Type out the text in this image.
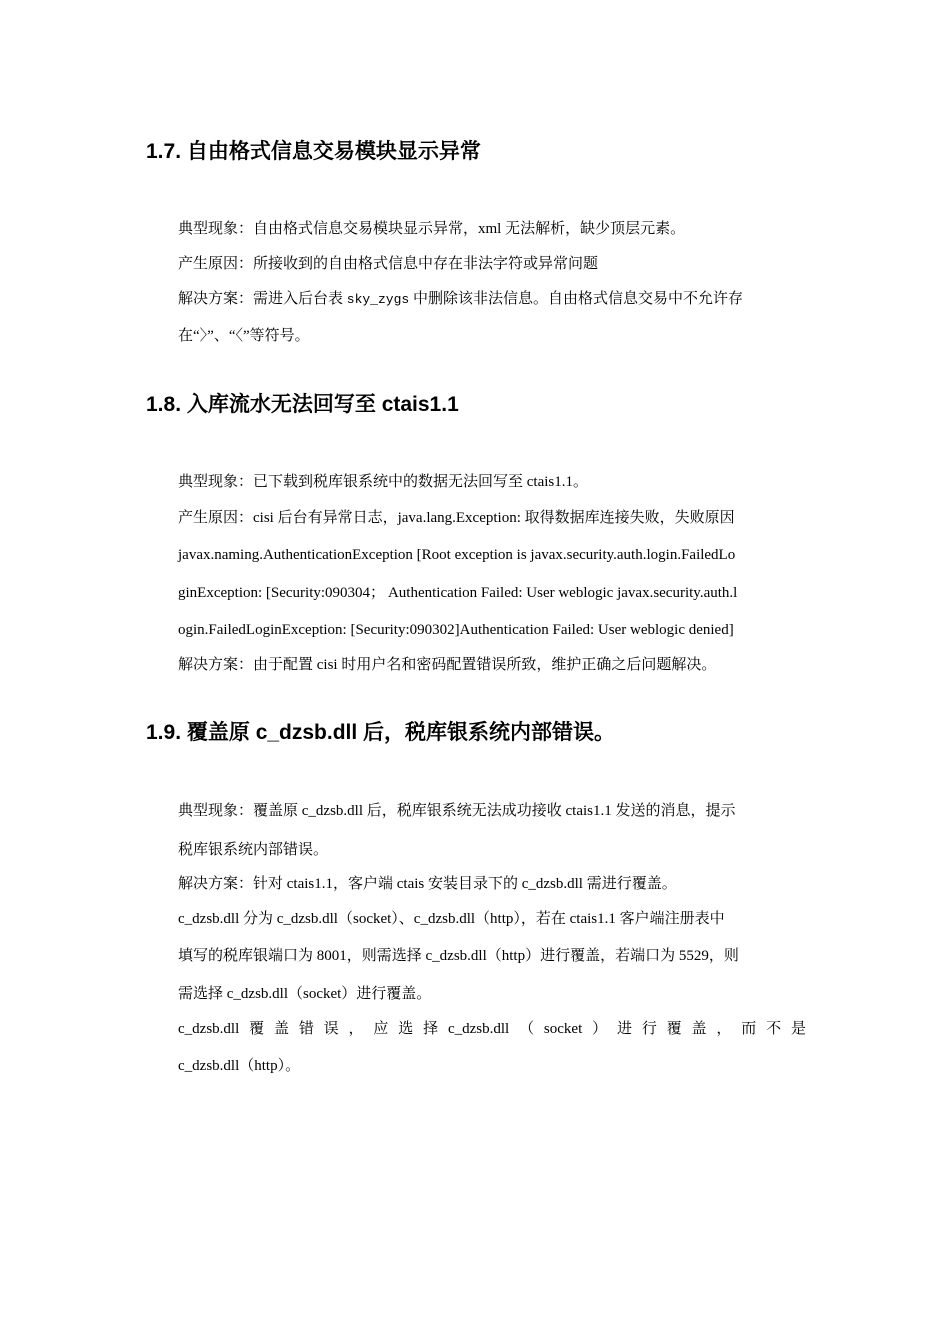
1.7. 自由格式信息交易模块显示异常

典型现象：自由格式信息交易模块显示异常，xml 无法解析，缺少顶层元素。

产生原因：所接收到的自由格式信息中存在非法字符或异常问题

解决方案：需进入后台表 sky_zygs 中删除该非法信息。自由格式信息交易中不允许存

在“〉”、“〈”等符号。

1.8. 入库流水无法回写至 ctais1.1

典型现象：已下载到税库银系统中的数据无法回写至 ctais1.1。

产生原因：cisi 后台有异常日志，java.lang.Exception: 取得数据库连接失败，失败原因

javax.naming.AuthenticationException [Root exception is javax.security.auth.login.FailedLo

ginException: [Security:090304； Authentication Failed: User weblogic javax.security.auth.l

ogin.FailedLoginException: [Security:090302]Authentication Failed: User weblogic denied]

解决方案：由于配置 cisi 时用户名和密码配置错误所致，维护正确之后问题解决。

1.9. 覆盖原 c_dzsb.dll 后，税库银系统内部错误。

典型现象：覆盖原 c_dzsb.dll 后，税库银系统无法成功接收 ctais1.1 发送的消息，提示

税库银系统内部错误。

解决方案：针对 ctais1.1，客户端 ctais 安装目录下的 c_dzsb.dll 需进行覆盖。

c_dzsb.dll 分为 c_dzsb.dll（socket）、c_dzsb.dll（http），若在 ctais1.1 客户端注册表中

填写的税库银端口为 8001，则需选择 c_dzsb.dll（http）进行覆盖，若端口为 5529，则

需选择 c_dzsb.dll（socket）进行覆盖。

c_dzsb.dll 覆 盖 错 误 ， 应 选 择 c_dzsb.dll （ socket ） 进 行 覆 盖 ， 而 不 是

c_dzsb.dll（http）。
